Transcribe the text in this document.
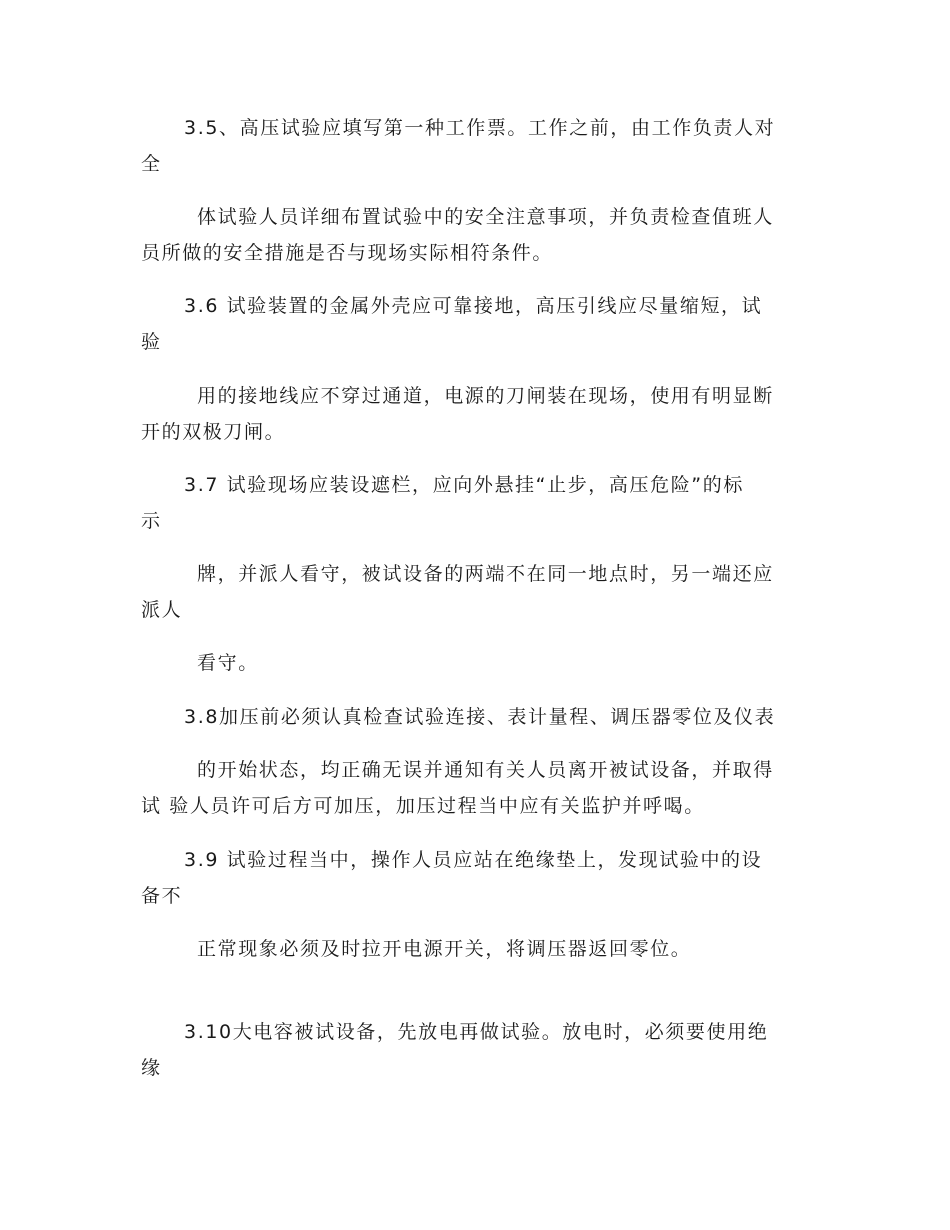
3.5、高压试验应填写第一种工作票。工作之前，由工作负责人对
全
体试验人员详细布置试验中的安全注意事项，并负责检查值班人
员所做的安全措施是否与现场实际相符条件。
3.6 试验装置的金属外壳应可靠接地，高压引线应尽量缩短，试
验
用的接地线应不穿过通道，电源的刀闸装在现场，使用有明显断
开的双极刀闸。
3.7 试验现场应装设遮栏，应向外悬挂“止步，高压危险”的标
示
牌，并派人看守，被试设备的两端不在同一地点时，另一端还应
派人
看守。
3.8加压前必须认真检查试验连接、表计量程、调压器零位及仪表
的开始状态，均正确无误并通知有关人员离开被试设备，并取得
试 验人员许可后方可加压，加压过程当中应有关监护并呼喝。
3.9 试验过程当中，操作人员应站在绝缘垫上，发现试验中的设
备不
正常现象必须及时拉开电源开关，将调压器返回零位。
3.10大电容被试设备，先放电再做试验。放电时，必须要使用绝
缘
